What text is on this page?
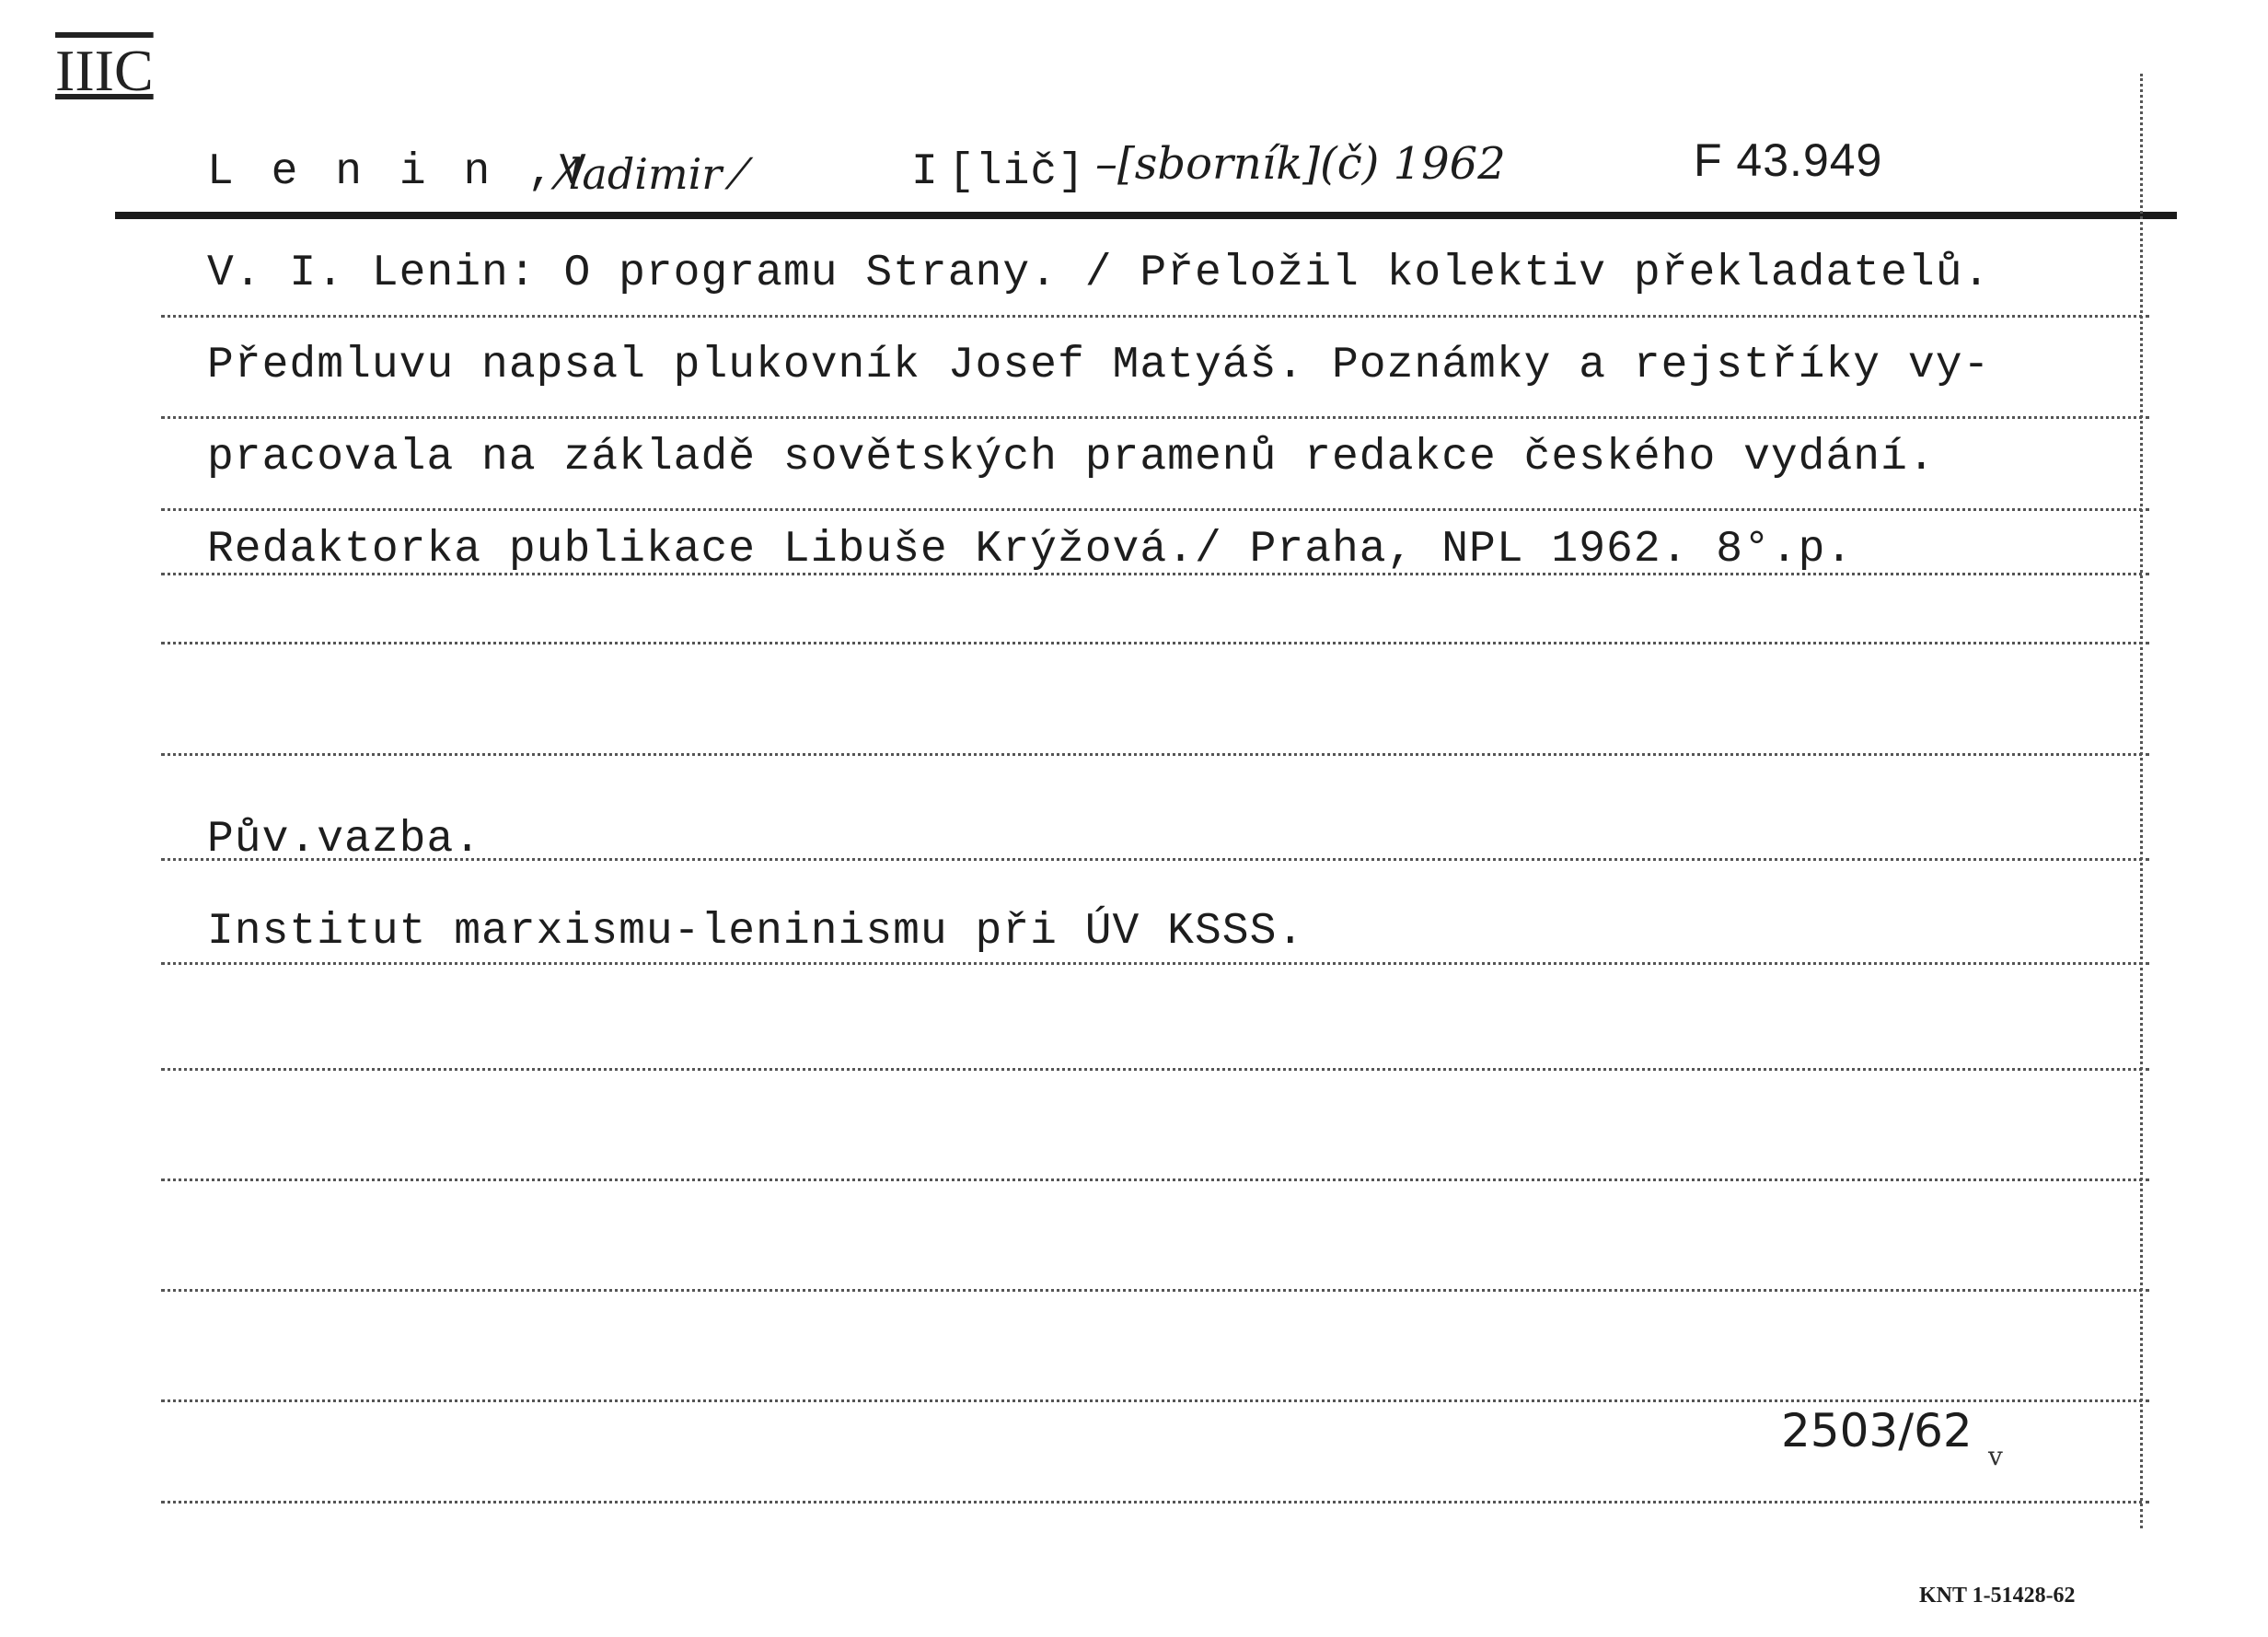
IIIC
L e n i n ,V
⁄ladimir ⁄	I [lič] –[sborník](č) 1962	F 43.949
V. I. Lenin: O programu Strany. / Přeložil kolektiv překladatelů.
Předmluvu napsal plukovník Josef Matyáš. Poznámky a rejstříky vy-
pracovala na základě sovětských pramenů redakce českého vydání.
Redaktorka publikace Libuše Krýžová./ Praha, NPL 1962. 8°.p.
Pův.vazba.
Institut marxismu-leninismu při ÚV KSSS.
2503/62 v
KNT 1-51428-62
